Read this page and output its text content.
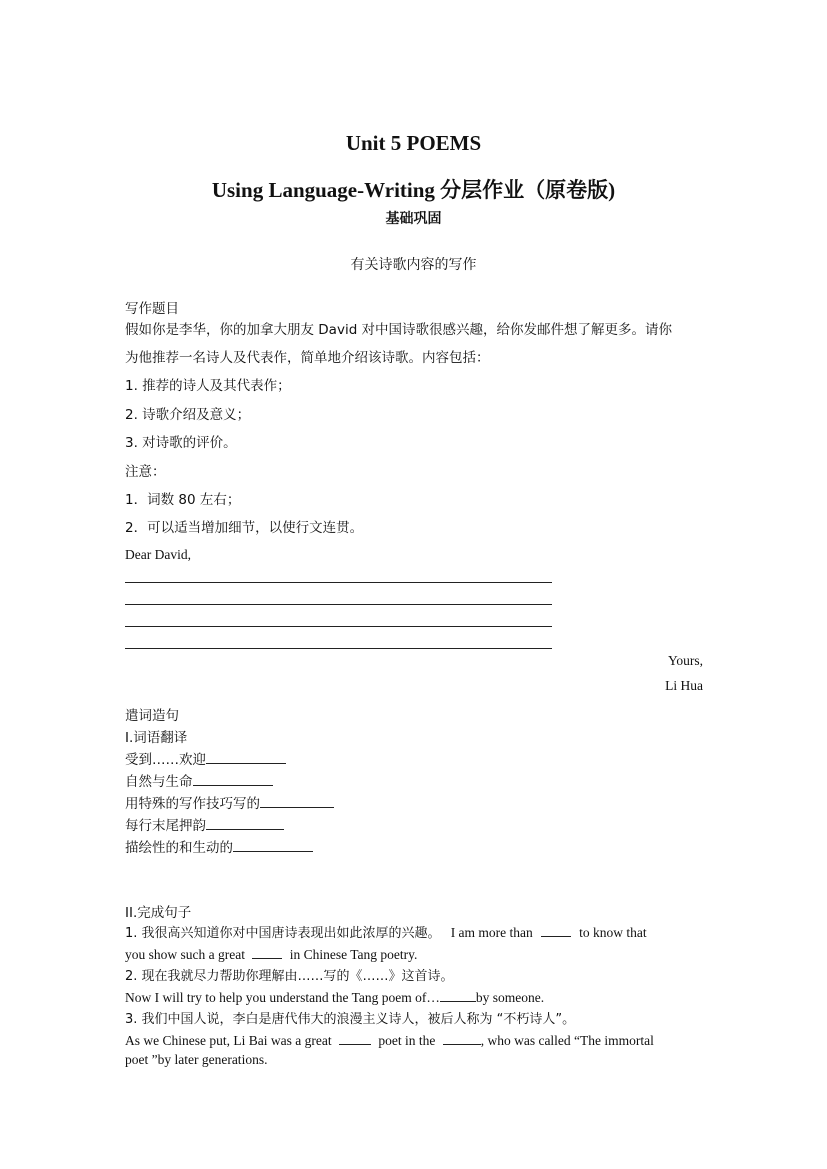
Unit 5 POEMS
Using Language-Writing 分层作业（原卷版)
基础巩固
有关诗歌内容的写作
写作题目
假如你是李华，你的加拿大朋友 David 对中国诗歌很感兴趣，给你发邮件想了解更多。请你
为他推荐一名诗人及代表作，简单地介绍该诗歌。内容包括：
1. 推荐的诗人及其代表作；
2. 诗歌介绍及意义；
3. 对诗歌的评价。
注意：
1．词数 80 左右；
2．可以适当增加细节，以使行文连贯。
Dear David,
Yours,
Li Hua
遣词造句
I.词语翻译
受到……欢迎
自然与生命
用特殊的写作技巧写的
每行末尾押韵
描绘性的和生动的
II.完成句子
1. 我很高兴知道你对中国唐诗表现出如此浓厚的兴趣。 I am more than	to know that
you show such a great	in Chinese Tang poetry.
2. 现在我就尽力帮助你理解由……写的《……》这首诗。
Now I will try to help you understand the Tang poem of…	by someone.
3. 我们中国人说，李白是唐代伟大的浪漫主义诗人，被后人称为 “不朽诗人”。
As we Chinese put, Li Bai was a great	poet in the	, who was called “The immortal
poet ”by later generations.
